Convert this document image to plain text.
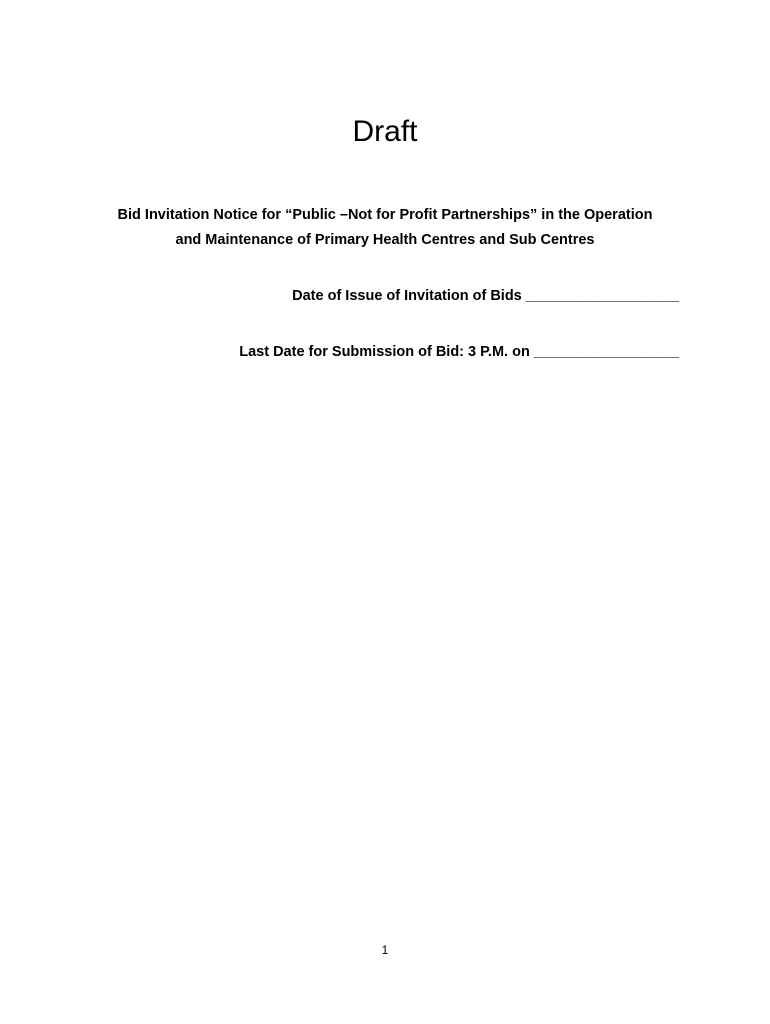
Draft
Bid Invitation Notice for “Public –Not for Profit Partnerships” in the Operation
and Maintenance of Primary Health Centres and Sub Centres
Date of Issue of Invitation of Bids ___________________
Last Date for Submission of Bid: 3 P.M. on __________________
1
